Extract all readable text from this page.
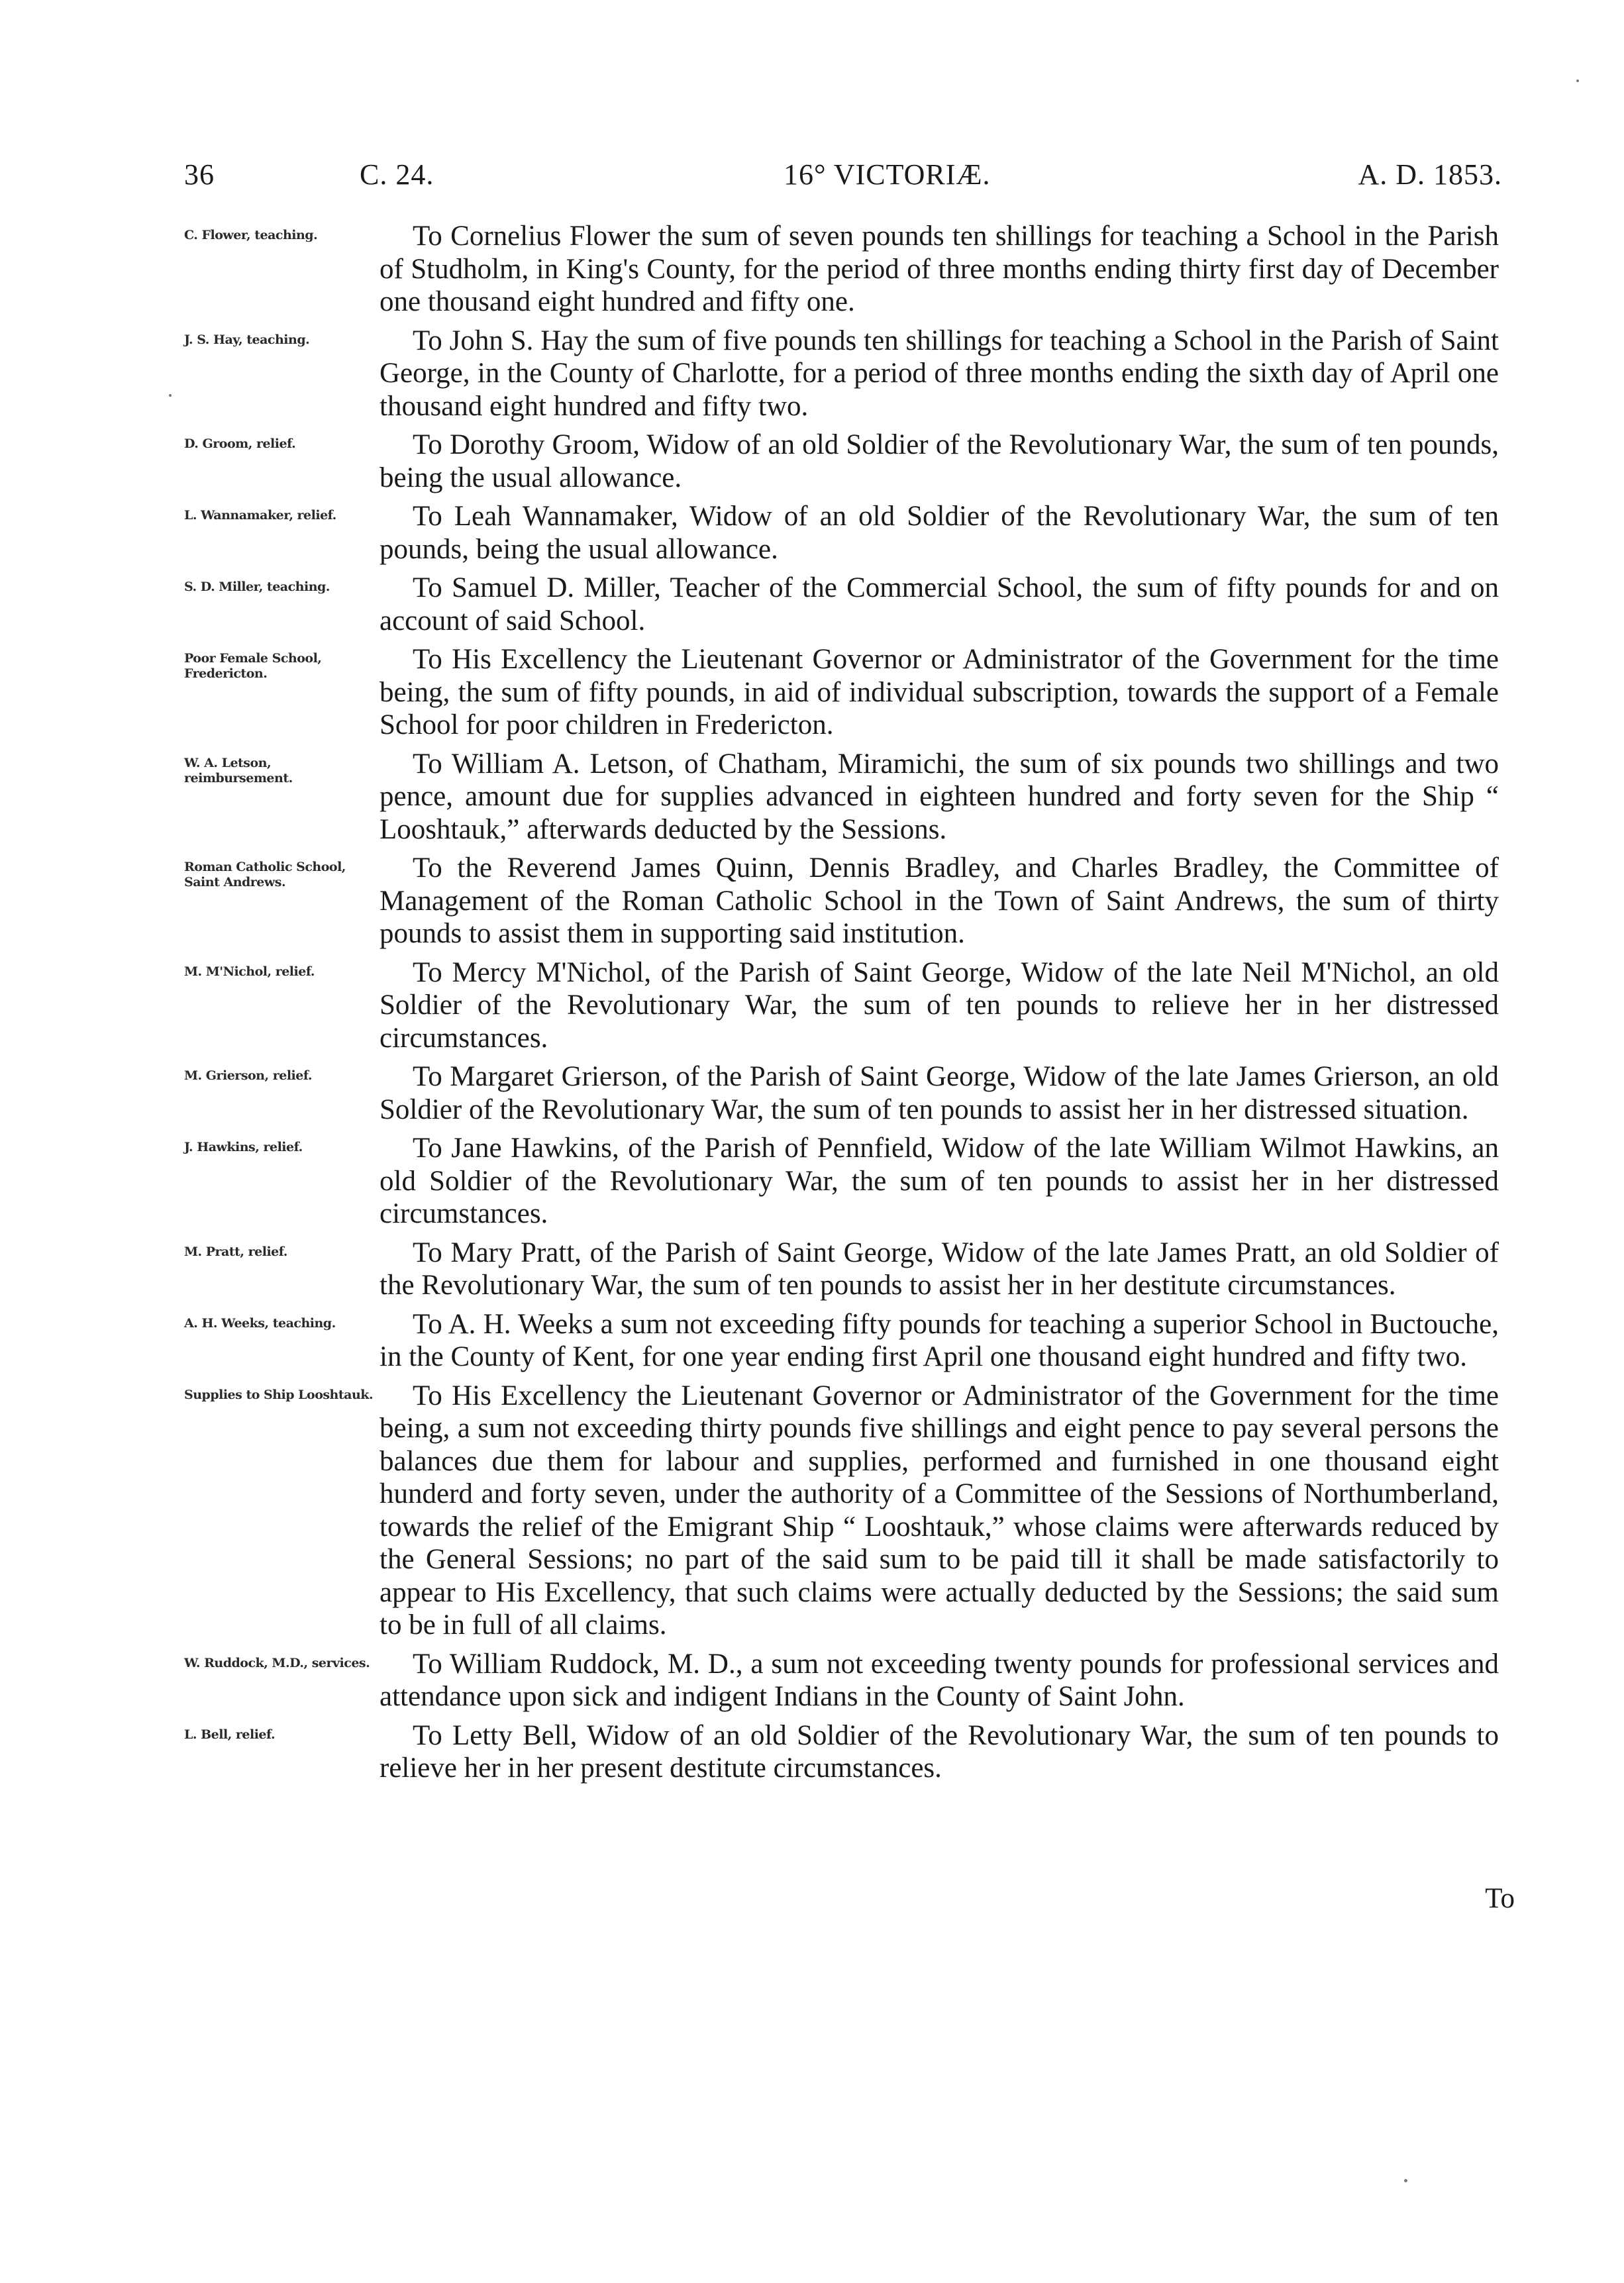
36	C. 24.	16° VICTORIÆ.	A. D. 1853.
C. Flower, teaching.	To Cornelius Flower the sum of seven pounds ten shillings for teaching a School in the Parish of Studholm, in King's County, for the period of three months ending thirty first day of December one thousand eight hundred and fifty one.
J. S. Hay, teaching.	To John S. Hay the sum of five pounds ten shillings for teaching a School in the Parish of Saint George, in the County of Charlotte, for a period of three months ending the sixth day of April one thousand eight hundred and fifty two.
D. Groom, relief.	To Dorothy Groom, Widow of an old Soldier of the Revolutionary War, the sum of ten pounds, being the usual allowance.
L. Wannamaker, relief.	To Leah Wannamaker, Widow of an old Soldier of the Revolutionary War, the sum of ten pounds, being the usual allowance.
S. D. Miller, teaching.	To Samuel D. Miller, Teacher of the Commercial School, the sum of fifty pounds for and on account of said School.
Poor Female School, Fredericton.	To His Excellency the Lieutenant Governor or Administrator of the Government for the time being, the sum of fifty pounds, in aid of individual subscription, towards the support of a Female School for poor children in Fredericton.
W. A. Letson, reimbursement.	To William A. Letson, of Chatham, Miramichi, the sum of six pounds two shillings and two pence, amount due for supplies advanced in eighteen hundred and forty seven for the Ship “ Looshtauk,” afterwards deducted by the Sessions.
Roman Catholic School, Saint Andrews.	To the Reverend James Quinn, Dennis Bradley, and Charles Bradley, the Committee of Management of the Roman Catholic School in the Town of Saint Andrews, the sum of thirty pounds to assist them in supporting said institution.
M. M'Nichol, relief.	To Mercy M'Nichol, of the Parish of Saint George, Widow of the late Neil M'Nichol, an old Soldier of the Revolutionary War, the sum of ten pounds to relieve her in her distressed circumstances.
M. Grierson, relief.	To Margaret Grierson, of the Parish of Saint George, Widow of the late James Grierson, an old Soldier of the Revolutionary War, the sum of ten pounds to assist her in her distressed situation.
J. Hawkins, relief.	To Jane Hawkins, of the Parish of Pennfield, Widow of the late William Wilmot Hawkins, an old Soldier of the Revolutionary War, the sum of ten pounds to assist her in her distressed circumstances.
M. Pratt, relief.	To Mary Pratt, of the Parish of Saint George, Widow of the late James Pratt, an old Soldier of the Revolutionary War, the sum of ten pounds to assist her in her destitute circumstances.
A. H. Weeks, teaching.	To A. H. Weeks a sum not exceeding fifty pounds for teaching a superior School in Buctouche, in the County of Kent, for one year ending first April one thousand eight hundred and fifty two.
Supplies to Ship Looshtauk.	To His Excellency the Lieutenant Governor or Administrator of the Government for the time being, a sum not exceeding thirty pounds five shillings and eight pence to pay several persons the balances due them for labour and supplies, performed and furnished in one thousand eight hunderd and forty seven, under the authority of a Committee of the Sessions of Northumberland, towards the relief of the Emigrant Ship “ Looshtauk,” whose claims were afterwards reduced by the General Sessions; no part of the said sum to be paid till it shall be made satisfactorily to appear to His Excellency, that such claims were actually deducted by the Sessions; the said sum to be in full of all claims.
W. Ruddock, M.D., services.	To William Ruddock, M. D., a sum not exceeding twenty pounds for professional services and attendance upon sick and indigent Indians in the County of Saint John.
L. Bell, relief.	To Letty Bell, Widow of an old Soldier of the Revolutionary War, the sum of ten pounds to relieve her in her present destitute circumstances.
To
